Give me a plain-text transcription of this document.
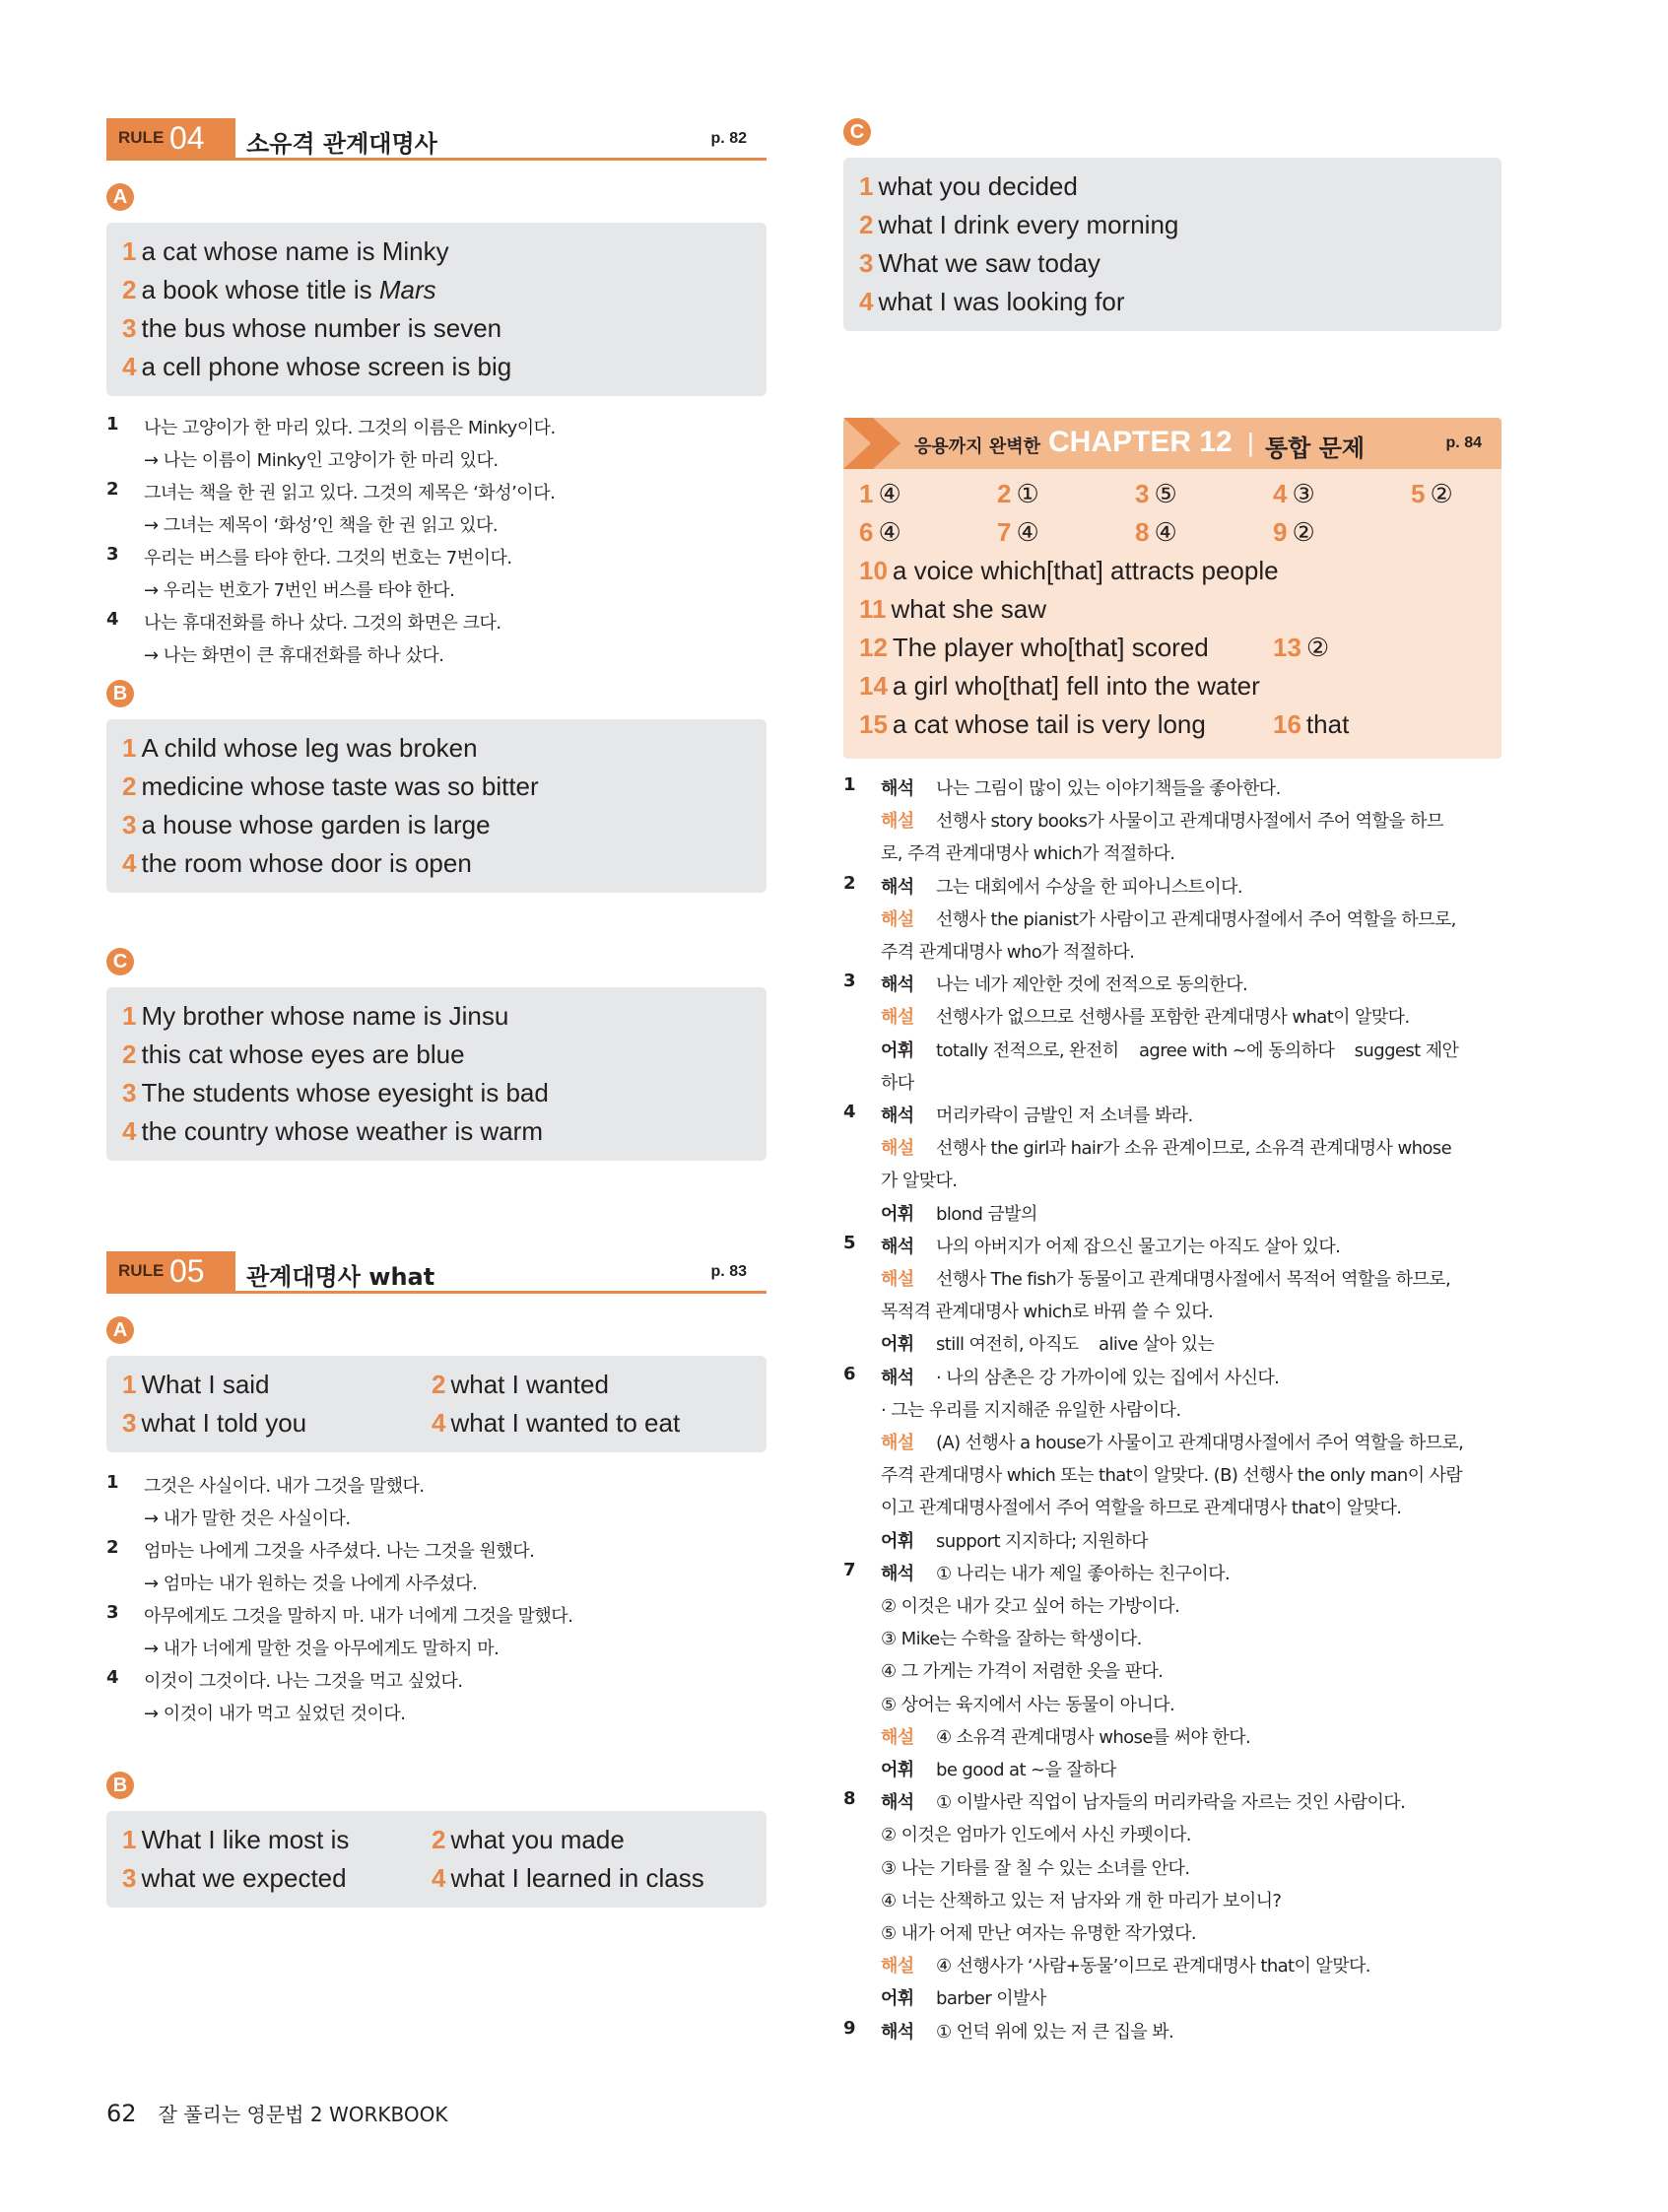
RULE 04 소유격 관계대명사	p. 82
A
1 a cat whose name is Minky
2 a book whose title is Mars
3 the bus whose number is seven
4 a cell phone whose screen is big
1 나는 고양이가 한 마리 있다. 그것의 이름은 Minky이다.
→ 나는 이름이 Minky인 고양이가 한 마리 있다.
2 그녀는 책을 한 권 읽고 있다. 그것의 제목은 ‘화성’이다.
→ 그녀는 제목이 ‘화성’인 책을 한 권 읽고 있다.
3 우리는 버스를 타야 한다. 그것의 번호는 7번이다.
→ 우리는 번호가 7번인 버스를 타야 한다.
4 나는 휴대전화를 하나 샀다. 그것의 화면은 크다.
→ 나는 화면이 큰 휴대전화를 하나 샀다.
B
1 A child whose leg was broken
2 medicine whose taste was so bitter
3 a house whose garden is large
4 the room whose door is open
C
1 My brother whose name is Jinsu
2 this cat whose eyes are blue
3 The students whose eyesight is bad
4 the country whose weather is warm
RULE 05 관계대명사 what	p. 83
A
1 What I said	2 what I wanted
3 what I told you	4 what I wanted to eat
1 그것은 사실이다. 내가 그것을 말했다.
→ 내가 말한 것은 사실이다.
2 엄마는 나에게 그것을 사주셨다. 나는 그것을 원했다.
→ 엄마는 내가 원하는 것을 나에게 사주셨다.
3 아무에게도 그것을 말하지 마. 내가 너에게 그것을 말했다.
→ 내가 너에게 말한 것을 아무에게도 말하지 마.
4 이것이 그것이다. 나는 그것을 먹고 싶었다.
→ 이것이 내가 먹고 싶었던 것이다.
B
1 What I like most is	2 what you made
3 what we expected	4 what I learned in class
C
1 what you decided
2 what I drink every morning
3 What we saw today
4 what I was looking for
응용까지 완벽한 CHAPTER 12 | 통합 문제	p. 84
1 ④	2 ①	3 ⑤	4 ③	5 ②
6 ④	7 ④	8 ④	9 ②
10 a voice which[that] attracts people
11 what she saw
12 The player who[that] scored	13 ②
14 a girl who[that] fell into the water
15 a cat whose tail is very long	16 that
1 해석 나는 그림이 많이 있는 이야기책들을 좋아한다.
해설 선행사 story books가 사물이고 관계대명사절에서 주어 역할을 하므
로, 주격 관계대명사 which가 적절하다.
2 해석 그는 대회에서 수상을 한 피아니스트이다.
해설 선행사 the pianist가 사람이고 관계대명사절에서 주어 역할을 하므로,
주격 관계대명사 who가 적절하다.
3 해석 나는 네가 제안한 것에 전적으로 동의한다.
해설 선행사가 없으므로 선행사를 포함한 관계대명사 what이 알맞다.
어휘 totally 전적으로, 완전히    agree with ~에 동의하다    suggest 제안
하다
4 해석 머리카락이 금발인 저 소녀를 봐라.
해설 선행사 the girl과 hair가 소유 관계이므로, 소유격 관계대명사 whose
가 알맞다.
어휘 blond 금발의
5 해석 나의 아버지가 어제 잡으신 물고기는 아직도 살아 있다.
해설 선행사 The fish가 동물이고 관계대명사절에서 목적어 역할을 하므로,
목적격 관계대명사 which로 바꿔 쓸 수 있다.
어휘 still 여전히, 아직도    alive 살아 있는
6 해석 · 나의 삼촌은 강 가까이에 있는 집에서 사신다.
· 그는 우리를 지지해준 유일한 사람이다.
해설 (A) 선행사 a house가 사물이고 관계대명사절에서 주어 역할을 하므로,
주격 관계대명사 which 또는 that이 알맞다. (B) 선행사 the only man이 사람
이고 관계대명사절에서 주어 역할을 하므로 관계대명사 that이 알맞다.
어휘 support 지지하다; 지원하다
7 해석 ① 나리는 내가 제일 좋아하는 친구이다.
② 이것은 내가 갖고 싶어 하는 가방이다.
③ Mike는 수학을 잘하는 학생이다.
④ 그 가게는 가격이 저렴한 옷을 판다.
⑤ 상어는 육지에서 사는 동물이 아니다.
해설 ④ 소유격 관계대명사 whose를 써야 한다.
어휘 be good at ~을 잘하다
8 해석 ① 이발사란 직업이 남자들의 머리카락을 자르는 것인 사람이다.
② 이것은 엄마가 인도에서 사신 카펫이다.
③ 나는 기타를 잘 칠 수 있는 소녀를 안다.
④ 너는 산책하고 있는 저 남자와 개 한 마리가 보이니?
⑤ 내가 어제 만난 여자는 유명한 작가였다.
해설 ④ 선행사가 ‘사람+동물’이므로 관계대명사 that이 알맞다.
어휘 barber 이발사
9 해석 ① 언덕 위에 있는 저 큰 집을 봐.
62 잘 풀리는 영문법 2 WORKBOOK
